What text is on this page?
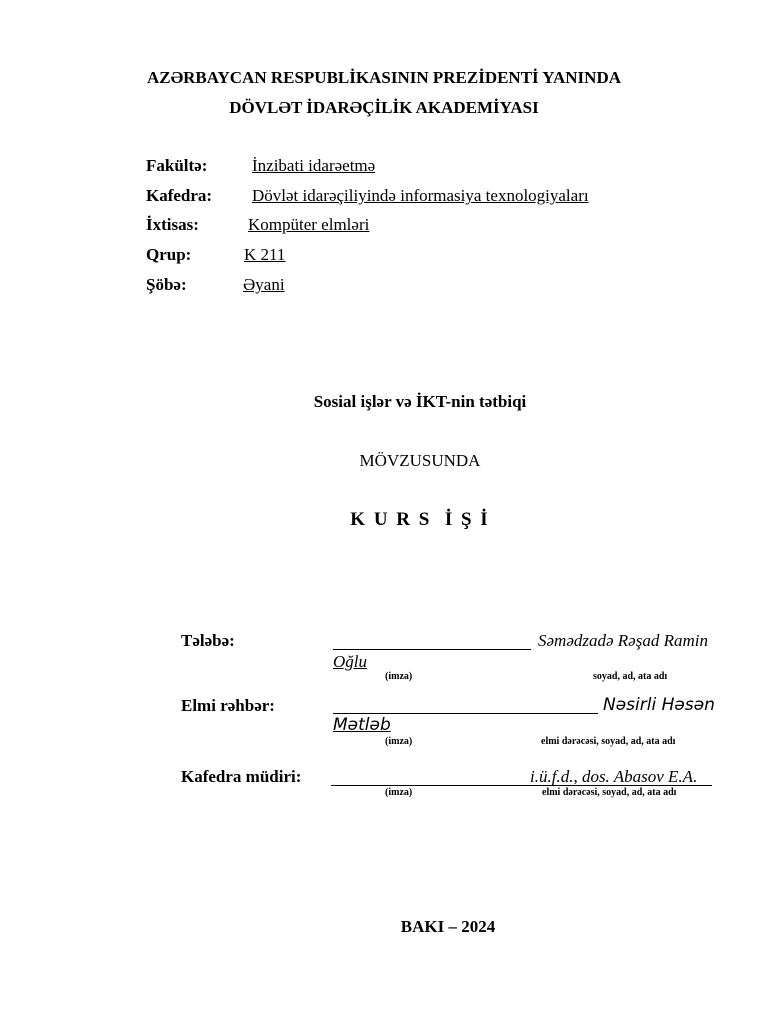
AZƏRBAYCAN RESPUBLİKASININ PREZİDENTİ YANINDA
DÖVLƏT İDARƏÇİLİK AKADEMİYASI
Fakültə:	İnzibati idarəetmə
Kafedra: Dövlət idarəçiliyində informasiya texnologiyaları
İxtisas:	Kompüter elmləri
Qrup:	K 211
Şöbə:	Əyani
Sosial işlər və İKT-nin tətbiqi
MÖVZUSUNDA
K U R S  İ Ş İ
Tələbə:	Səmədzadə Rəşad Ramin
Oğlu
(imza)	soyad, ad, ata adı
Elmi rəhbər:	Nəsirli Həsən
Mətləb
(imza)	elmi dərəcəsi, soyad, ad, ata adı
Kafedra müdiri:	i.ü.f.d., dos. Abasov E.A.
(imza)	elmi dərəcəsi, soyad, ad, ata adı
BAKI – 2024
